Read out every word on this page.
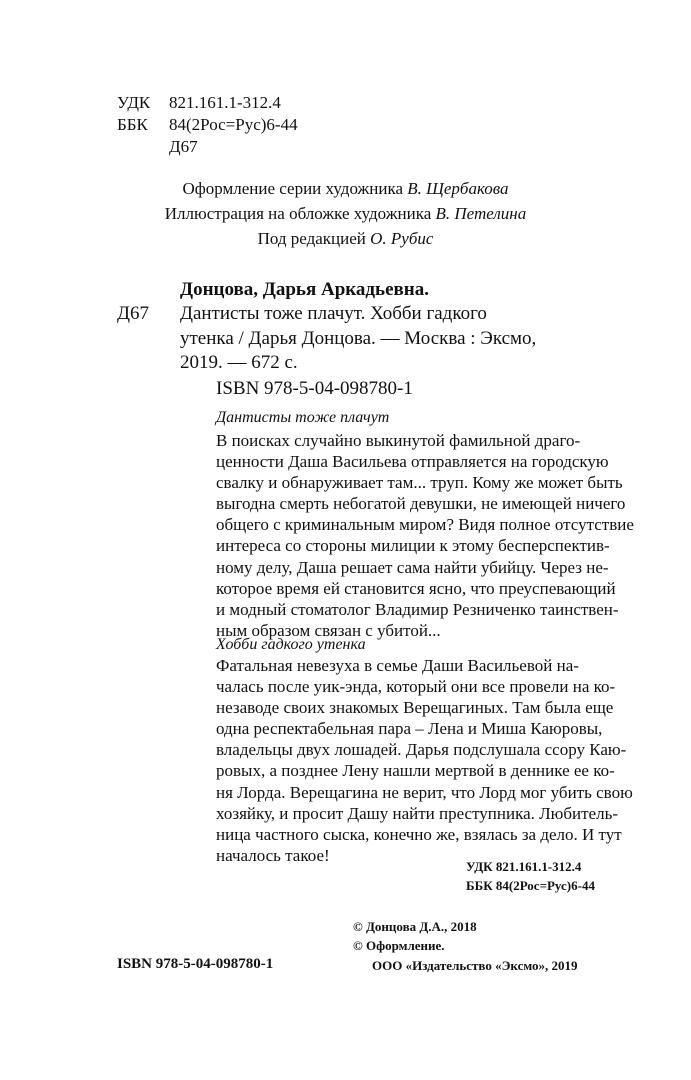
УДК 821.161.1-312.4
ББК 84(2Рос=Рус)6-44
Д67
Оформление серии художника В. Щербакова
Иллюстрация на обложке художника В. Петелина
Под редакцией О. Рубис
Донцова, Дарья Аркадьевна.
Д67 Дантисты тоже плачут. Хобби гадкого
утенка / Дарья Донцова. — Москва : Эксмо,
2019. — 672 с.
ISBN 978-5-04-098780-1
Дантисты тоже плачут
В поисках случайно выкинутой фамильной драго-
ценности Даша Васильева отправляется на городскую
свалку и обнаруживает там... труп. Кому же может быть
выгодна смерть небогатой девушки, не имеющей ничего
общего с криминальным миром? Видя полное отсутствие
интереса со стороны милиции к этому бесперспектив-
ному делу, Даша решает сама найти убийцу. Через не-
которое время ей становится ясно, что преуспевающий
и модный стоматолог Владимир Резниченко таинствен-
ным образом связан с убитой...
Хобби гадкого утенка
Фатальная невезуха в семье Даши Васильевой на-
чалась после уик-энда, который они все провели на ко-
незаводе своих знакомых Верещагиных. Там была еще
одна респектабельная пара – Лена и Миша Каюровы,
владельцы двух лошадей. Дарья подслушала ссору Каю-
ровых, а позднее Лену нашли мертвой в деннике ее ко-
ня Лорда. Верещагина не верит, что Лорд мог убить свою
хозяйку, и просит Дашу найти преступника. Любитель-
ница частного сыска, конечно же, взялась за дело. И тут
началось такое!
УДК 821.161.1-312.4
ББК 84(2Рос=Рус)6-44
© Донцова Д.А., 2018
© Оформление.
ISBN 978-5-04-098780-1	ООО «Издательство «Эксмо», 2019
